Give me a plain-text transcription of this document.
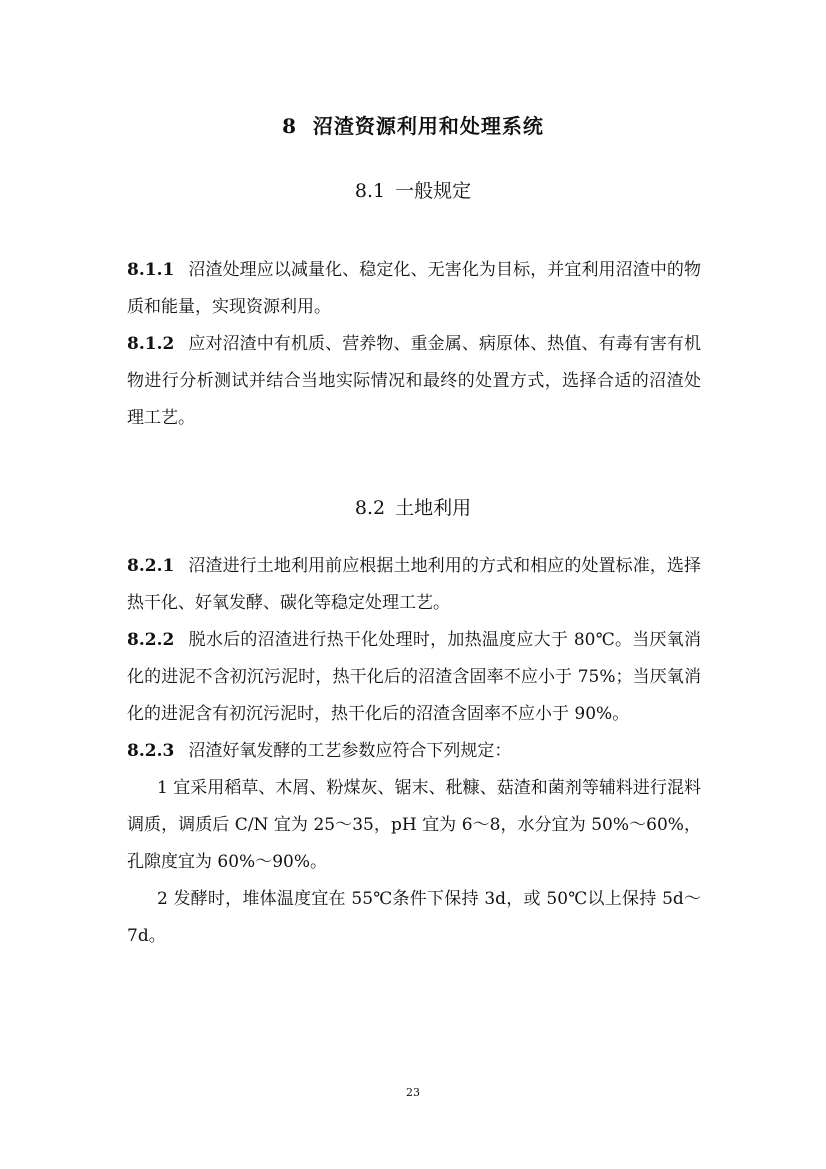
8 沼渣资源利用和处理系统
8.1 一般规定

8.1.1 沼渣处理应以减量化、稳定化、无害化为目标，并宜利用沼渣中的物质和能量，实现资源利用。

8.1.2 应对沼渣中有机质、营养物、重金属、病原体、热值、有毒有害有机物进行分析测试并结合当地实际情况和最终的处置方式，选择合适的沼渣处理工艺。

8.2 土地利用

8.2.1 沼渣进行土地利用前应根据土地利用的方式和相应的处置标准，选择热干化、好氧发酵、碳化等稳定处理工艺。

8.2.2 脱水后的沼渣进行热干化处理时，加热温度应大于 80℃。当厌氧消化的进泥不含初沉污泥时，热干化后的沼渣含固率不应小于 75%；当厌氧消化的进泥含有初沉污泥时，热干化后的沼渣含固率不应小于 90%。

8.2.3 沼渣好氧发酵的工艺参数应符合下列规定：

1 宜采用稻草、木屑、粉煤灰、锯末、秕糠、菇渣和菌剂等辅料进行混料调质，调质后 C/N 宜为 25～35，pH 宜为 6～8，水分宜为 50%～60%，孔隙度宜为 60%～90%。

2 发酵时，堆体温度宜在 55℃条件下保持 3d，或 50℃以上保持 5d～7d。

23
